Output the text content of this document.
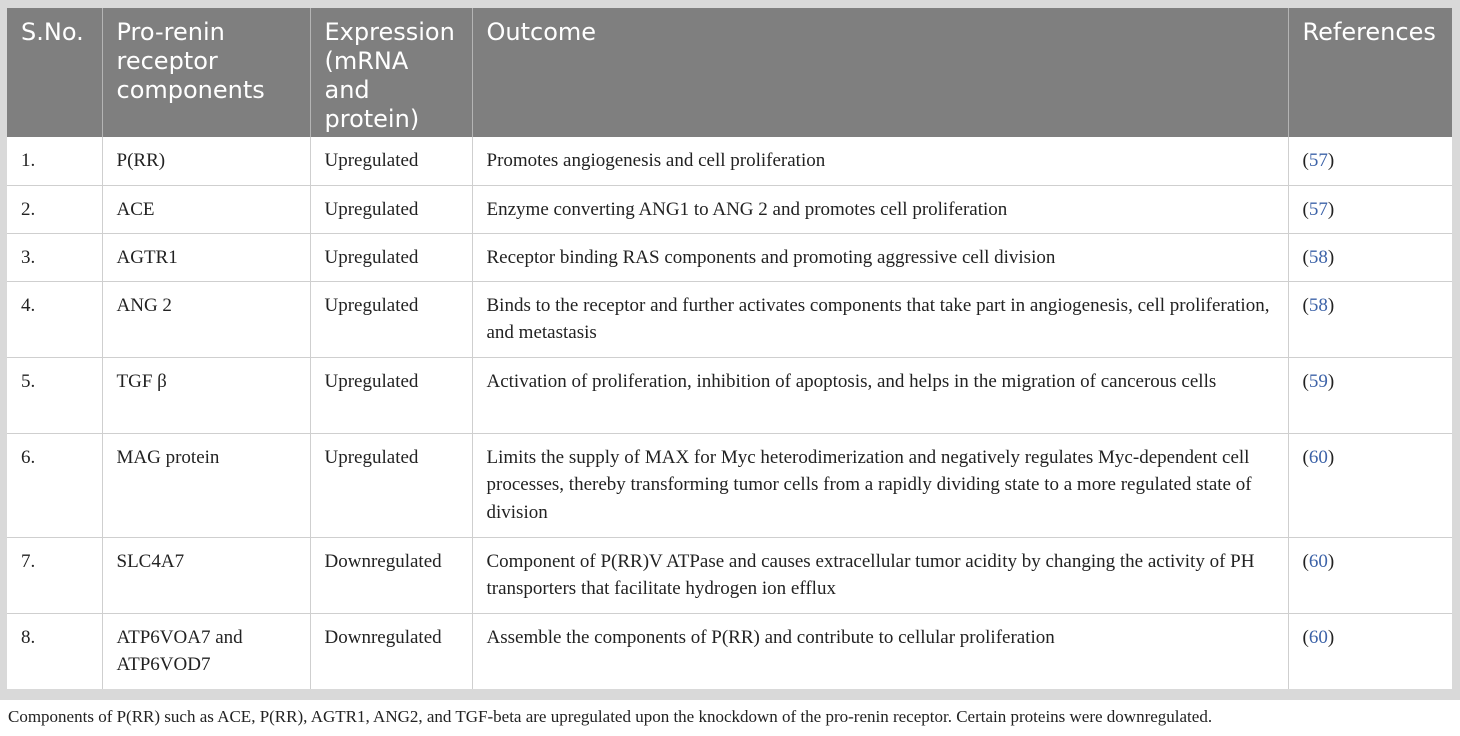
S.No.	Pro-renin receptor components	Expression (mRNA and protein)	Outcome	References
1.	P(RR)	Upregulated	Promotes angiogenesis and cell proliferation	(57)
2.	ACE	Upregulated	Enzyme converting ANG1 to ANG 2 and promotes cell proliferation	(57)
3.	AGTR1	Upregulated	Receptor binding RAS components and promoting aggressive cell division	(58)
4.	ANG 2	Upregulated	Binds to the receptor and further activates components that take part in angiogenesis, cell proliferation, and metastasis	(58)
5.	TGF β	Upregulated	Activation of proliferation, inhibition of apoptosis, and helps in the migration of cancerous cells	(59)
6.	MAG protein	Upregulated	Limits the supply of MAX for Myc heterodimerization and negatively regulates Myc-dependent cell processes, thereby transforming tumor cells from a rapidly dividing state to a more regulated state of division	(60)
7.	SLC4A7	Downregulated	Component of P(RR)V ATPase and causes extracellular tumor acidity by changing the activity of PH transporters that facilitate hydrogen ion efflux	(60)
8.	ATP6VOA7 and ATP6VOD7	Downregulated	Assemble the components of P(RR) and contribute to cellular proliferation	(60)
Components of P(RR) such as ACE, P(RR), AGTR1, ANG2, and TGF-beta are upregulated upon the knockdown of the pro-renin receptor. Certain proteins were downregulated.
